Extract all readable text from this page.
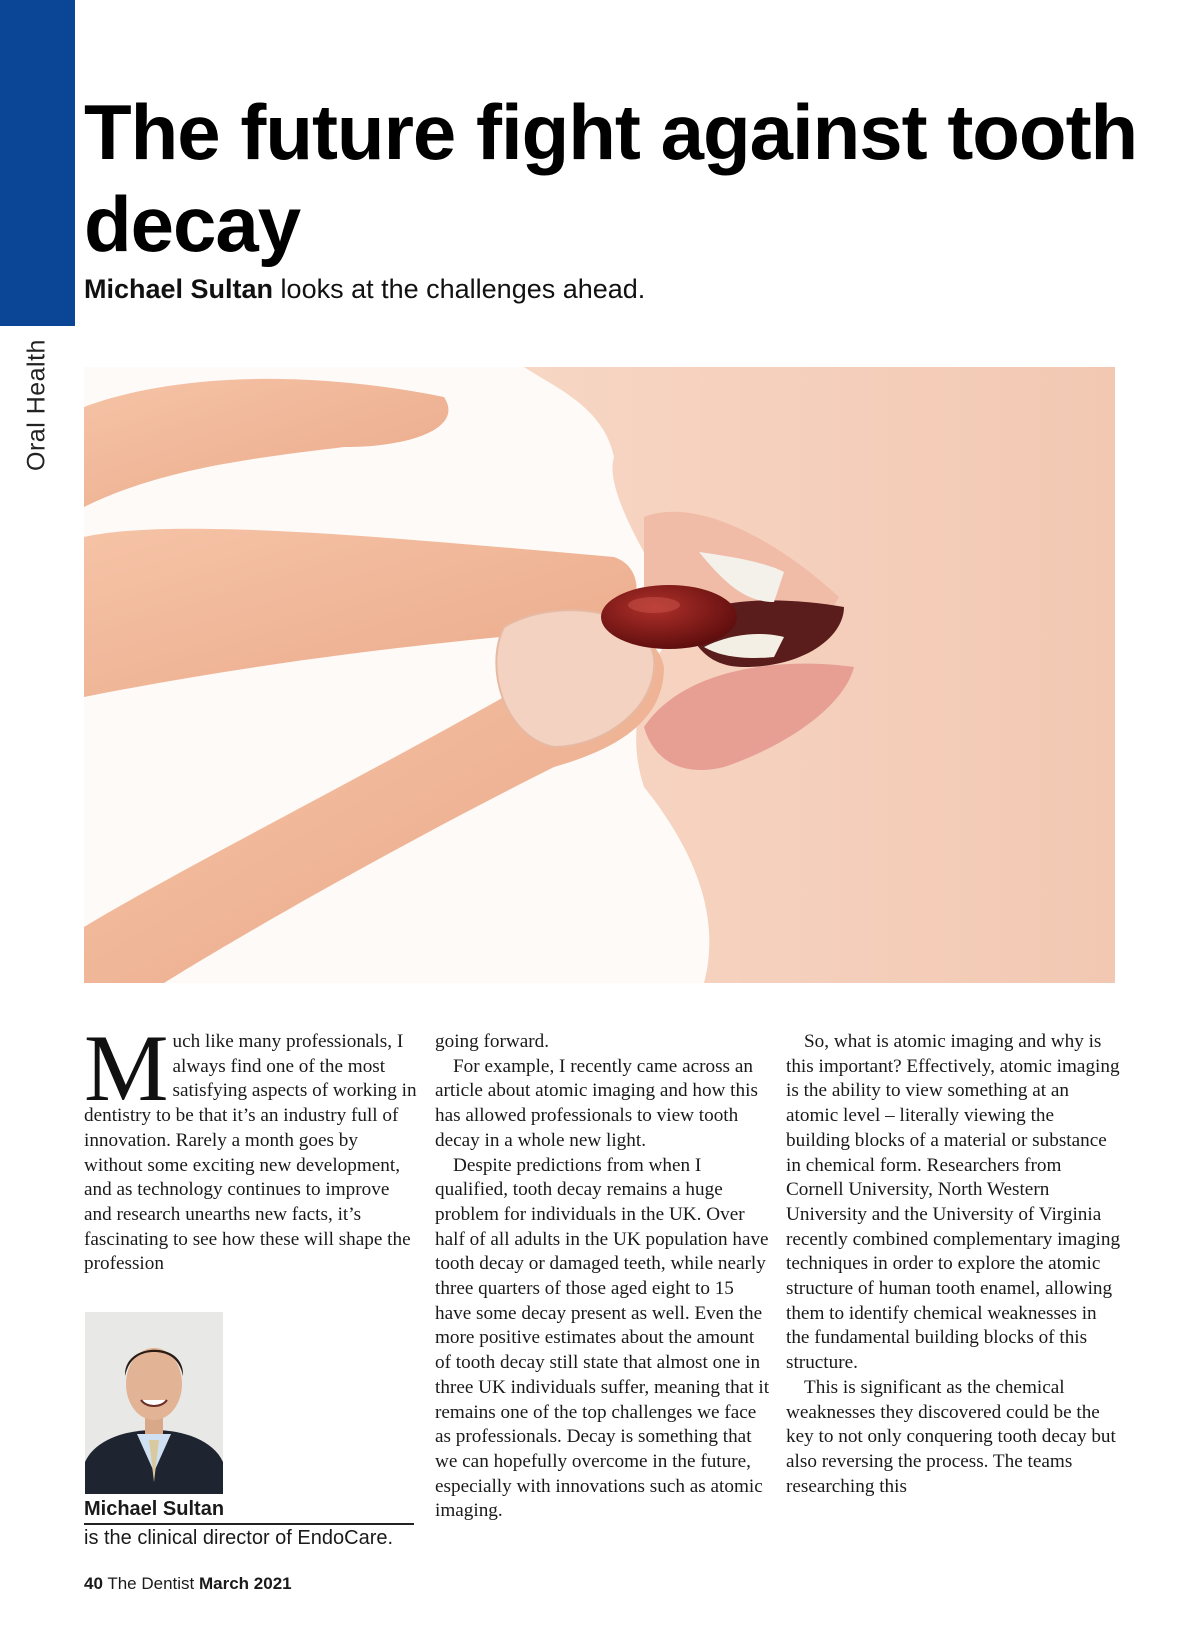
Oral Health
The future fight against tooth decay

Michael Sultan looks at the challenges ahead.

Much like many professionals, I always find one of the most satisfying aspects of working in dentistry to be that it’s an industry full of innovation. Rarely a month goes by without some exciting new development, and as technology continues to improve and research unearths new facts, it’s fascinating to see how these will shape the profession

going forward.

For example, I recently came across an article about atomic imaging and how this has allowed professionals to view tooth decay in a whole new light.

Despite predictions from when I qualified, tooth decay remains a huge problem for individuals in the UK. Over half of all adults in the UK population have tooth decay or damaged teeth, while nearly three quarters of those aged eight to 15 have some decay present as well. Even the more positive estimates about the amount of tooth decay still state that almost one in three UK individuals suffer, meaning that it remains one of the top challenges we face as professionals. Decay is something that we can hopefully overcome in the future, especially with innovations such as atomic imaging.

So, what is atomic imaging and why is this important? Effectively, atomic imaging is the ability to view something at an atomic level – literally viewing the building blocks of a material or substance in chemical form. Researchers from Cornell University, North Western University and the University of Virginia recently combined complementary imaging techniques in order to explore the atomic structure of human tooth enamel, allowing them to identify chemical weaknesses in the fundamental building blocks of this structure.

This is significant as the chemical weaknesses they discovered could be the key to not only conquering tooth decay but also reversing the process. The teams researching this

Michael Sultan
is the clinical director of EndoCare.
40 The Dentist March 2021
